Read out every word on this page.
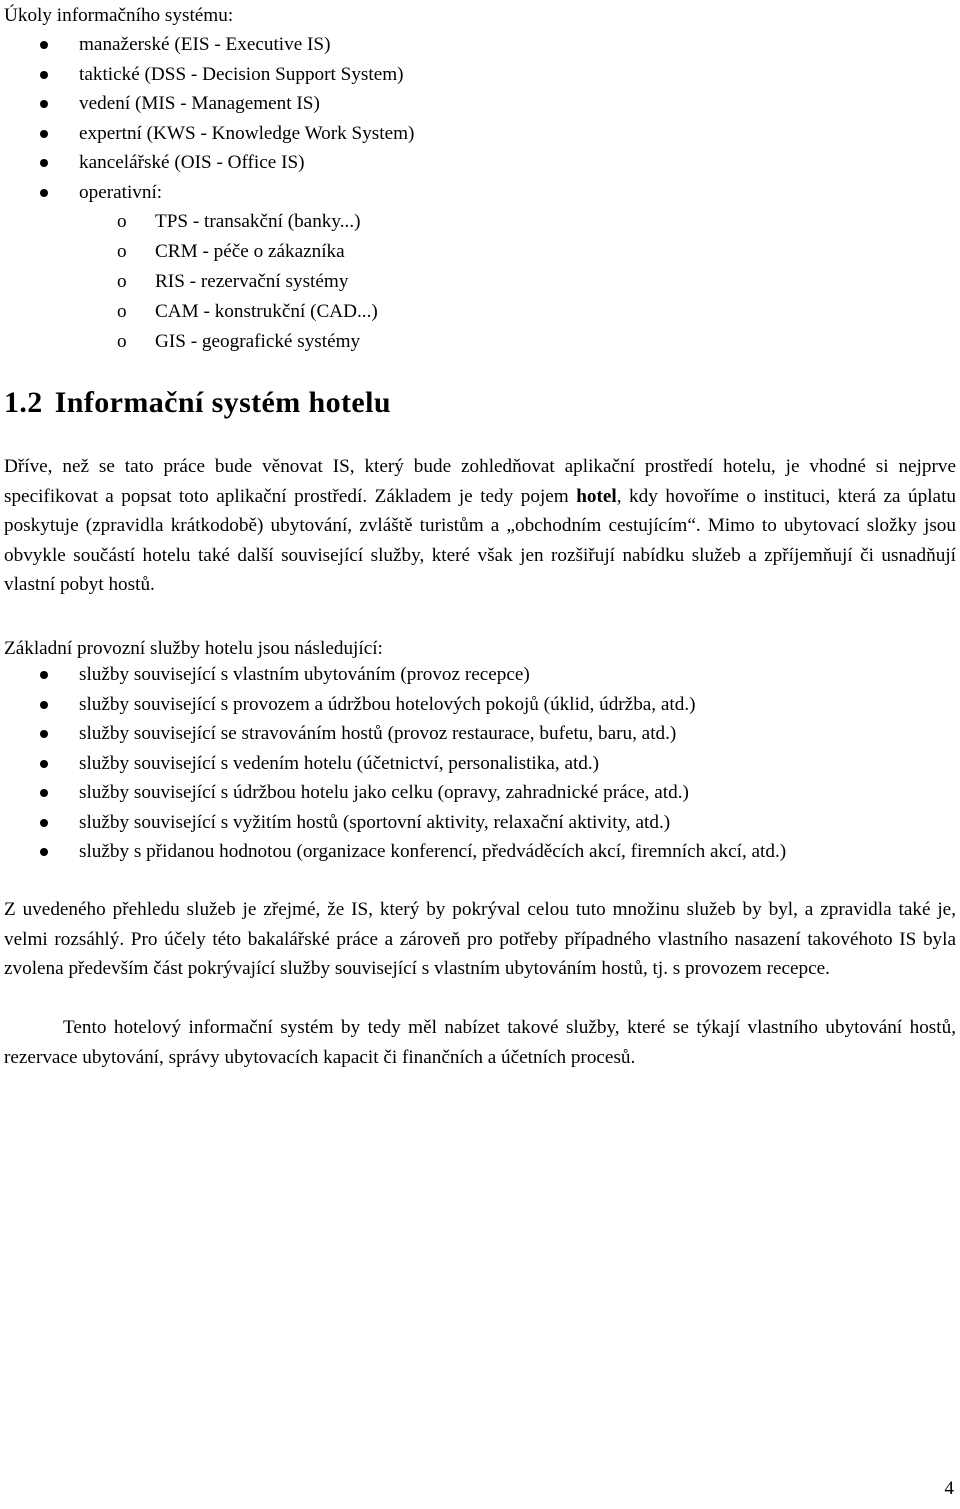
Úkoly informačního systému:
manažerské (EIS - Executive IS)
taktické (DSS - Decision Support System)
vedení (MIS - Management IS)
expertní (KWS - Knowledge Work System)
kancelářské (OIS - Office IS)
operativní:
o TPS - transakční (banky...)
o CRM - péče o zákazníka
o RIS - rezervační systémy
o CAM - konstrukční (CAD...)
o GIS - geografické systémy
1.2 Informační systém hotelu

Dříve, než se tato práce bude věnovat IS, který bude zohledňovat aplikační prostředí hotelu, je vhodné si nejprve specifikovat a popsat toto aplikační prostředí. Základem je tedy pojem hotel, kdy hovoříme o instituci, která za úplatu poskytuje (zpravidla krátkodobě) ubytování, zvláště turistům a „obchodním cestujícím“. Mimo to ubytovací složky jsou obvykle součástí hotelu také další související služby, které však jen rozšiřují nabídku služeb a zpříjemňují či usnadňují vlastní pobyt hostů.

Základní provozní služby hotelu jsou následující:
služby související s vlastním ubytováním (provoz recepce)
služby související s provozem a údržbou hotelových pokojů (úklid, údržba, atd.)
služby související se stravováním hostů (provoz restaurace, bufetu, baru, atd.)
služby související s vedením hotelu (účetnictví, personalistika, atd.)
služby související s údržbou hotelu jako celku (opravy, zahradnické práce, atd.)
služby související s vyžitím hostů (sportovní aktivity, relaxační aktivity, atd.)
služby s přidanou hodnotou (organizace konferencí, předváděcích akcí, firemních akcí, atd.)

Z uvedeného přehledu služeb je zřejmé, že IS, který by pokrýval celou tuto množinu služeb by byl, a zpravidla také je, velmi rozsáhlý. Pro účely této bakalářské práce a zároveň pro potřeby případného vlastního nasazení takovéhoto IS byla zvolena především část pokrývající služby související s vlastním ubytováním hostů, tj. s provozem recepce.

Tento hotelový informační systém by tedy měl nabízet takové služby, které se týkají vlastního ubytování hostů, rezervace ubytování, správy ubytovacích kapacit či finančních a účetních procesů.

4
